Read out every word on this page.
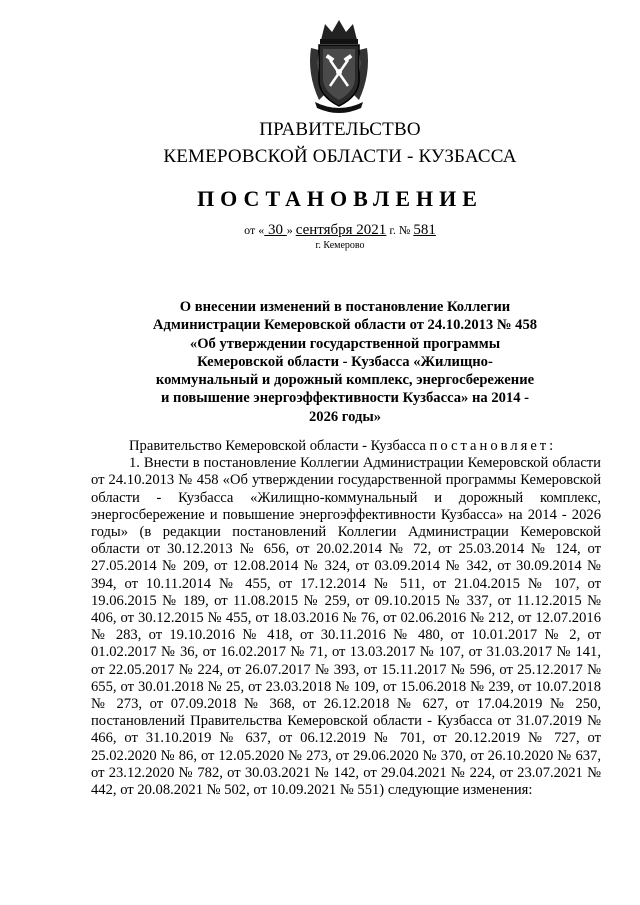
ПРАВИТЕЛЬСТВО
КЕМЕРОВСКОЙ ОБЛАСТИ - КУЗБАССА
ПОСТАНОВЛЕНИЕ
от « 30 » сентября 2021 г. № 581
г. Кемерово
О внесении изменений в постановление Коллегии Администрации Кемеровской области от 24.10.2013 № 458 «Об утверждении государственной программы Кемеровской области - Кузбасса «Жилищно-коммунальный и дорожный комплекс, энергосбережение и повышение энергоэффективности Кузбасса» на 2014 - 2026 годы»

Правительство Кемеровской области - Кузбасса постановляет:

1. Внести в постановление Коллегии Администрации Кемеровской области от 24.10.2013 № 458 «Об утверждении государственной программы Кемеровской области - Кузбасса «Жилищно-коммунальный и дорожный комплекс, энергосбережение и повышение энергоэффективности Кузбасса» на 2014 - 2026 годы» (в редакции постановлений Коллегии Администрации Кемеровской области от 30.12.2013 № 656, от 20.02.2014 № 72, от 25.03.2014 № 124, от 27.05.2014 № 209, от 12.08.2014 № 324, от 03.09.2014 № 342, от 30.09.2014 № 394, от 10.11.2014 № 455, от 17.12.2014 № 511, от 21.04.2015 № 107, от 19.06.2015 № 189, от 11.08.2015 № 259, от 09.10.2015 № 337, от 11.12.2015 № 406, от 30.12.2015 № 455, от 18.03.2016 № 76, от 02.06.2016 № 212, от 12.07.2016 № 283, от 19.10.2016 № 418, от 30.11.2016 № 480, от 10.01.2017 № 2, от 01.02.2017 № 36, от 16.02.2017 № 71, от 13.03.2017 № 107, от 31.03.2017 № 141, от 22.05.2017 № 224, от 26.07.2017 № 393, от 15.11.2017 № 596, от 25.12.2017 № 655, от 30.01.2018 № 25, от 23.03.2018 № 109, от 15.06.2018 № 239, от 10.07.2018 № 273, от 07.09.2018 № 368, от 26.12.2018 № 627, от 17.04.2019 № 250, постановлений Правительства Кемеровской области - Кузбасса от 31.07.2019 № 466, от 31.10.2019 № 637, от 06.12.2019 № 701, от 20.12.2019 № 727, от 25.02.2020 № 86, от 12.05.2020 № 273, от 29.06.2020 № 370, от 26.10.2020 № 637, от 23.12.2020 № 782, от 30.03.2021 № 142, от 29.04.2021 № 224, от 23.07.2021 № 442, от 20.08.2021 № 502, от 10.09.2021 № 551) следующие изменения:
